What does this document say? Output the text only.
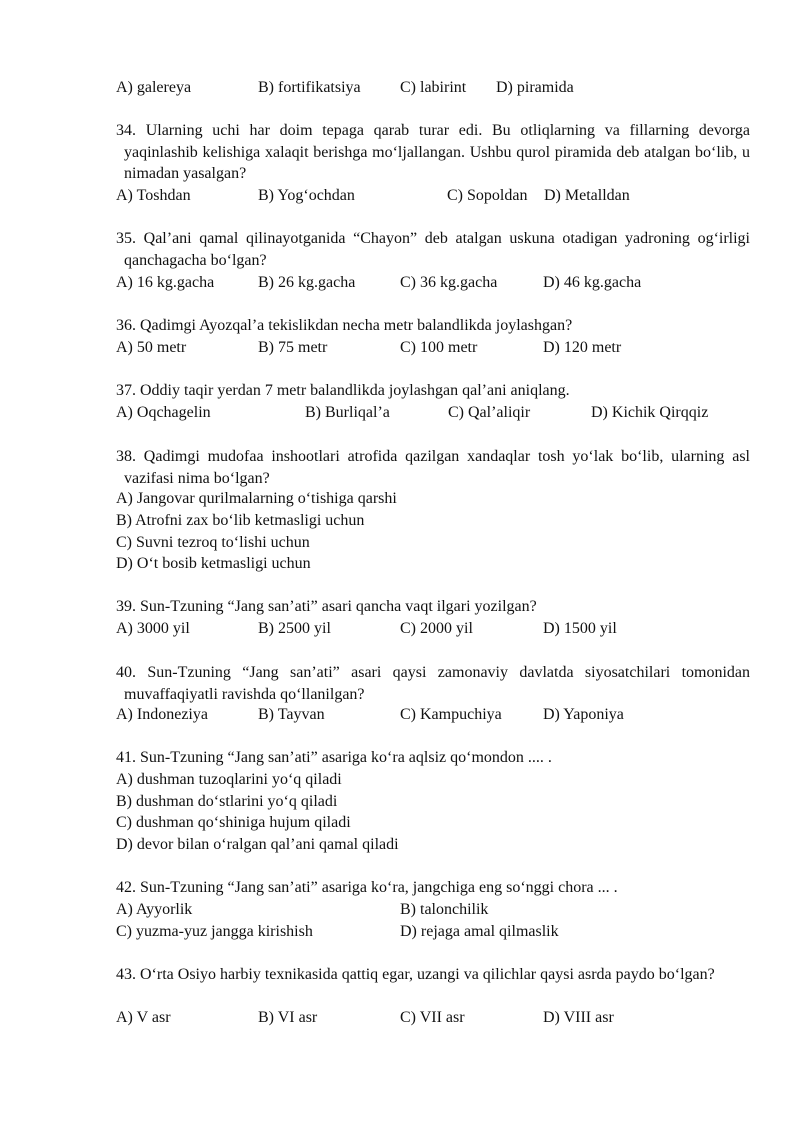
A) galereya	B) fortifikatsiya C) labirint D) piramida
34. Ularning uchi har doim tepaga qarab turar edi. Bu otliqlarning va fillarning devorga yaqinlashib kelishiga xalaqit berishga mo‘ljallangan. Ushbu qurol piramida deb atalgan bo‘lib, u nimadan yasalgan?
A) Toshdan	B) Yog‘ochdan	C) Sopoldan D) Metalldan
35. Qal’ani qamal qilinayotganida “Chayon” deb atalgan uskuna otadigan yadroning og‘irligi qanchagacha bo‘lgan?
A) 16 kg.gacha	B) 26 kg.gacha	C) 36 kg.gacha	D) 46 kg.gacha
36. Qadimgi Ayozqal’a tekislikdan necha metr balandlikda joylashgan?
A) 50 metr	B) 75 metr	C) 100 metr	D) 120 metr
37. Oddiy taqir yerdan 7 metr balandlikda joylashgan qal’ani aniqlang.
A) Oqchagelin	B) Burliqal’a	C) Qal’aliqir	D) Kichik Qirqqiz
38. Qadimgi mudofaa inshootlari atrofida qazilgan xandaqlar tosh yo‘lak bo‘lib, ularning asl vazifasi nima bo‘lgan?
A) Jangovar qurilmalarning o‘tishiga qarshi
B) Atrofni zax bo‘lib ketmasligi uchun
C) Suvni tezroq to‘lishi uchun
D) O‘t bosib ketmasligi uchun
39. Sun-Tzuning “Jang san’ati” asari qancha vaqt ilgari yozilgan?
A) 3000 yil	B) 2500 yil	C) 2000 yil	D) 1500 yil
40. Sun-Tzuning “Jang san’ati” asari qaysi zamonaviy davlatda siyosatchilari tomonidan muvaffaqiyatli ravishda qo‘llanilgan?
A) Indoneziya	B) Tayvan	C) Kampuchiya	D) Yaponiya
41. Sun-Tzuning “Jang san’ati” asariga ko‘ra aqlsiz qo‘mondon .... .
A) dushman tuzoqlarini yo‘q qiladi
B) dushman do‘stlarini yo‘q qiladi
C) dushman qo‘shiniga hujum qiladi
D) devor bilan o‘ralgan qal’ani qamal qiladi
42. Sun-Tzuning “Jang san’ati” asariga ko‘ra, jangchiga eng so‘nggi chora ... .
A) Ayyorlik	B) talonchilik
C) yuzma-yuz jangga kirishish	D) rejaga amal qilmaslik
43. O‘rta Osiyo harbiy texnikasida qattiq egar, uzangi va qilichlar qaysi asrda paydo bo‘lgan?
A) V asr	B) VI asr	C) VII asr	D) VIII asr
